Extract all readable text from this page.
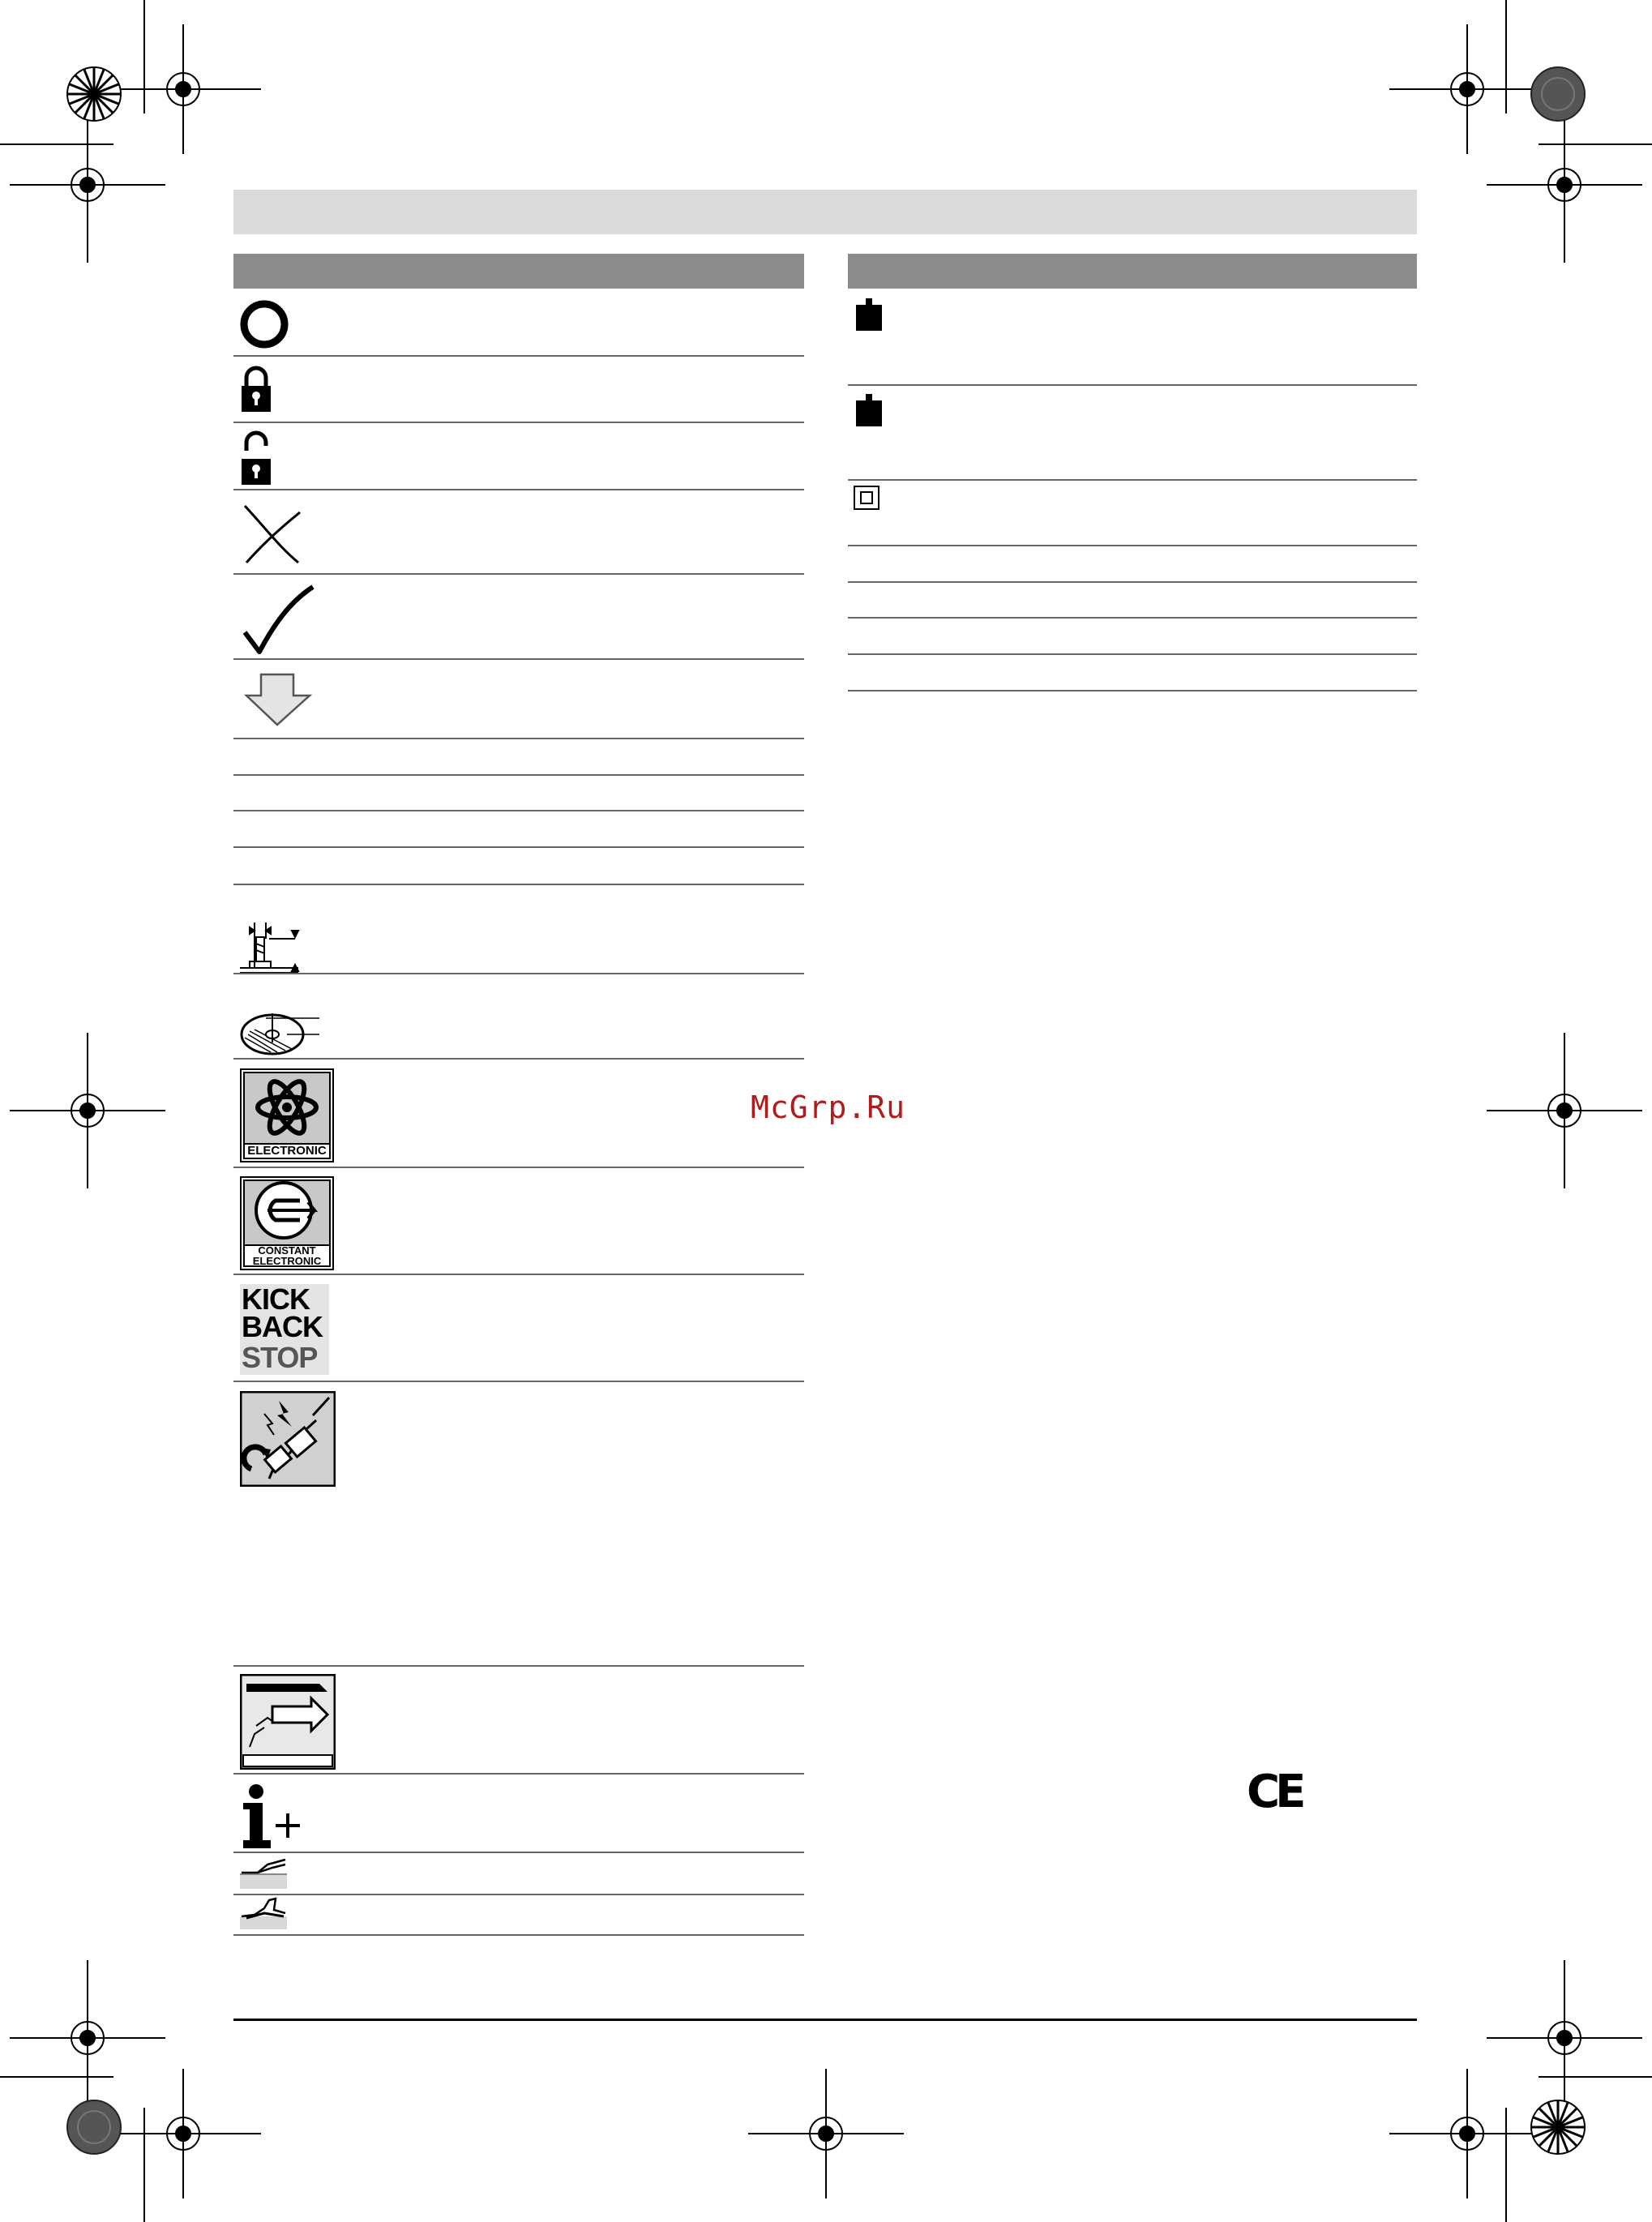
ELECTRONIC
CONSTANT
ELECTRONIC
KICK
BACK
STOP
CE
McGrp.Ru
